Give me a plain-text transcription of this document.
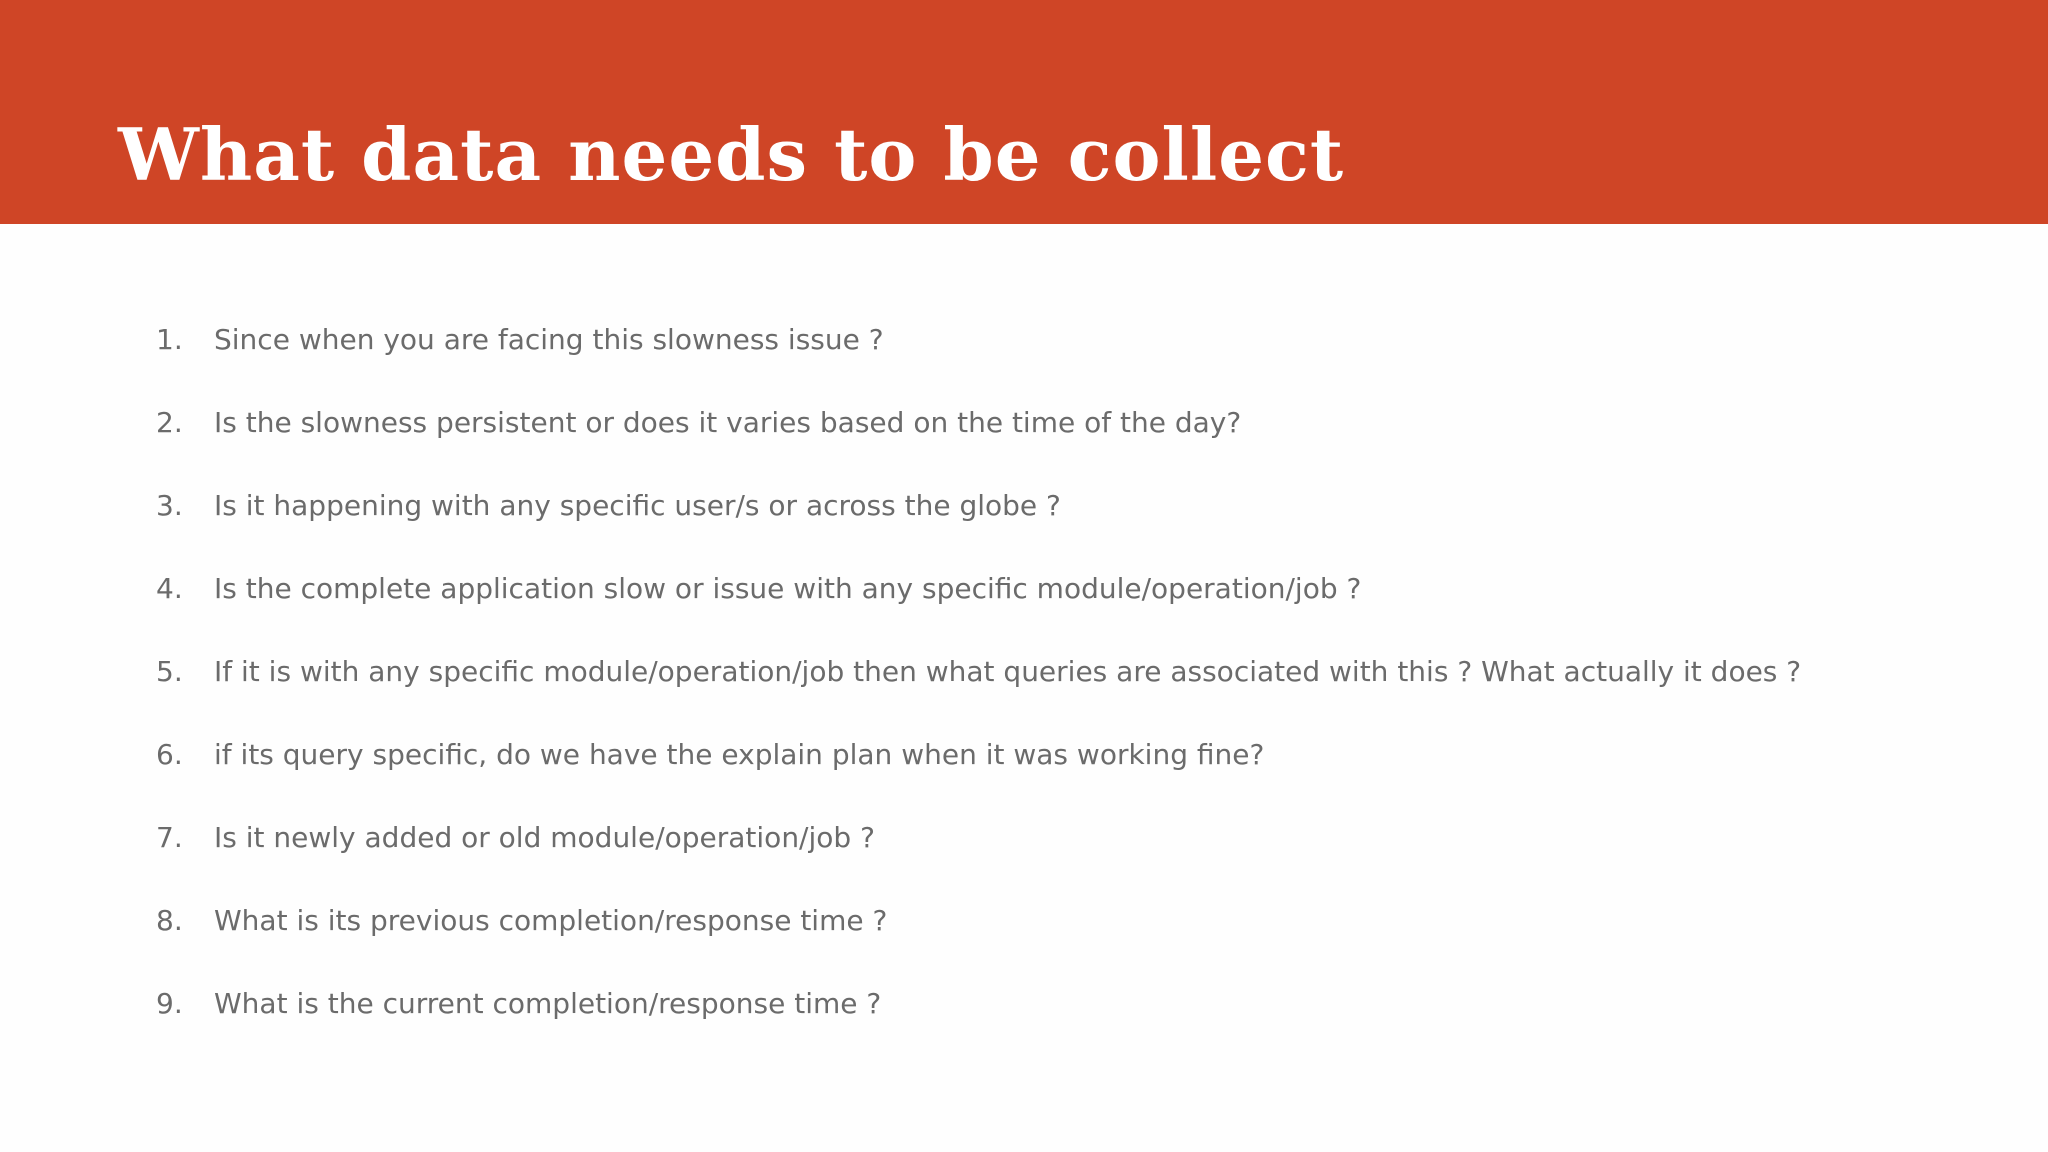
What data needs to be collect
1.	Since when you are facing this slowness issue ?
2.	Is the slowness persistent or does it varies based on the time of the day?
3.	Is it happening with any specific user/s or across the globe ?
4.	Is the complete application slow or issue with any specific module/operation/job ?
5.	If it is with any specific module/operation/job then what queries are associated with this ? What actually it does ?
6.	if its query specific, do we have the explain plan when it was working fine?
7.	Is it newly added or old module/operation/job ?
8.	What is its previous completion/response time ?
9.	What is the current completion/response time ?
